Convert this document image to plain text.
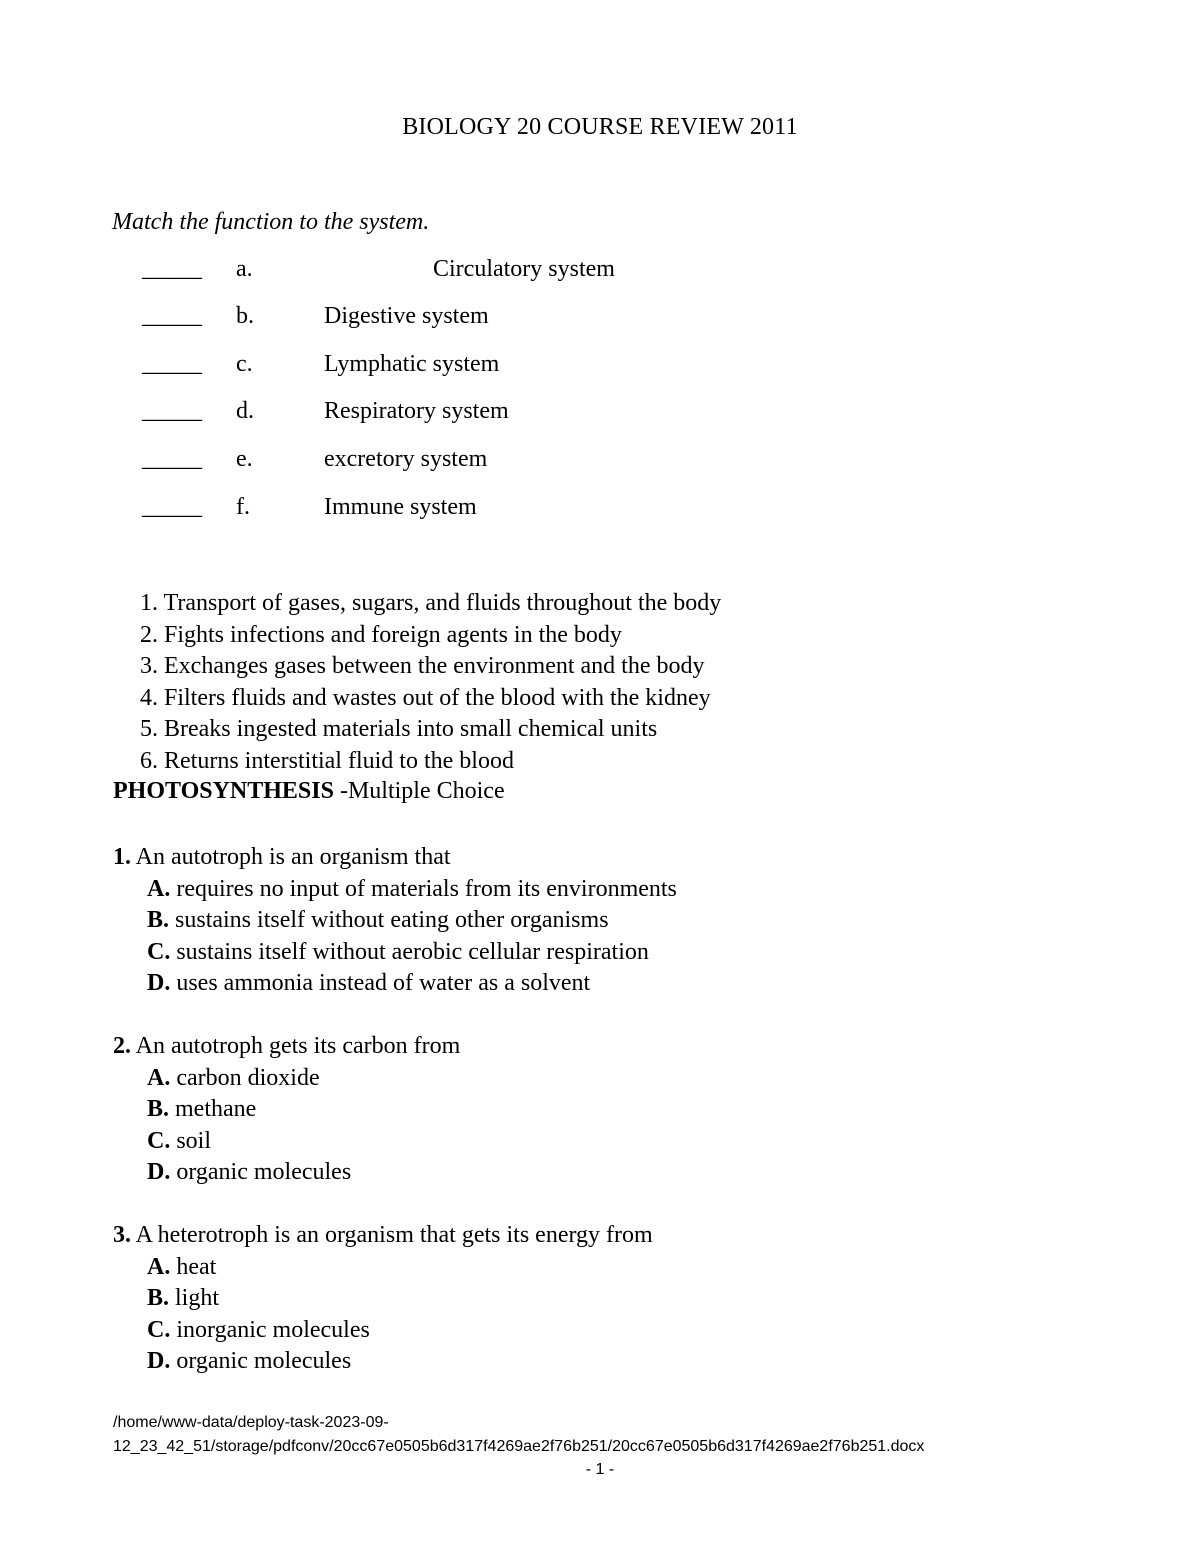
BIOLOGY 20 COURSE REVIEW 2011
Match the function to the system.
_____ a.	Circulatory system
_____ b.	Digestive system
_____ c.	Lymphatic system
_____ d.	Respiratory system
_____ e.	excretory system
_____ f.	Immune system
1. Transport of gases, sugars, and fluids throughout the body
2. Fights infections and foreign agents in the body
3. Exchanges gases between the environment and the body
4. Filters fluids and wastes out of the blood with the kidney
5. Breaks ingested materials into small chemical units
6. Returns interstitial fluid to the blood
PHOTOSYNTHESIS -Multiple Choice
1. An autotroph is an organism that
A. requires no input of materials from its environments
B. sustains itself without eating other organisms
C. sustains itself without aerobic cellular respiration
D. uses ammonia instead of water as a solvent
2. An autotroph gets its carbon from
A. carbon dioxide
B. methane
C. soil
D. organic molecules
3. A heterotroph is an organism that gets its energy from
A. heat
B. light
C. inorganic molecules
D. organic molecules
/home/www-data/deploy-task-2023-09-
12_23_42_51/storage/pdfconv/20cc67e0505b6d317f4269ae2f76b251/20cc67e0505b6d317f4269ae2f76b251.docx
- 1 -
